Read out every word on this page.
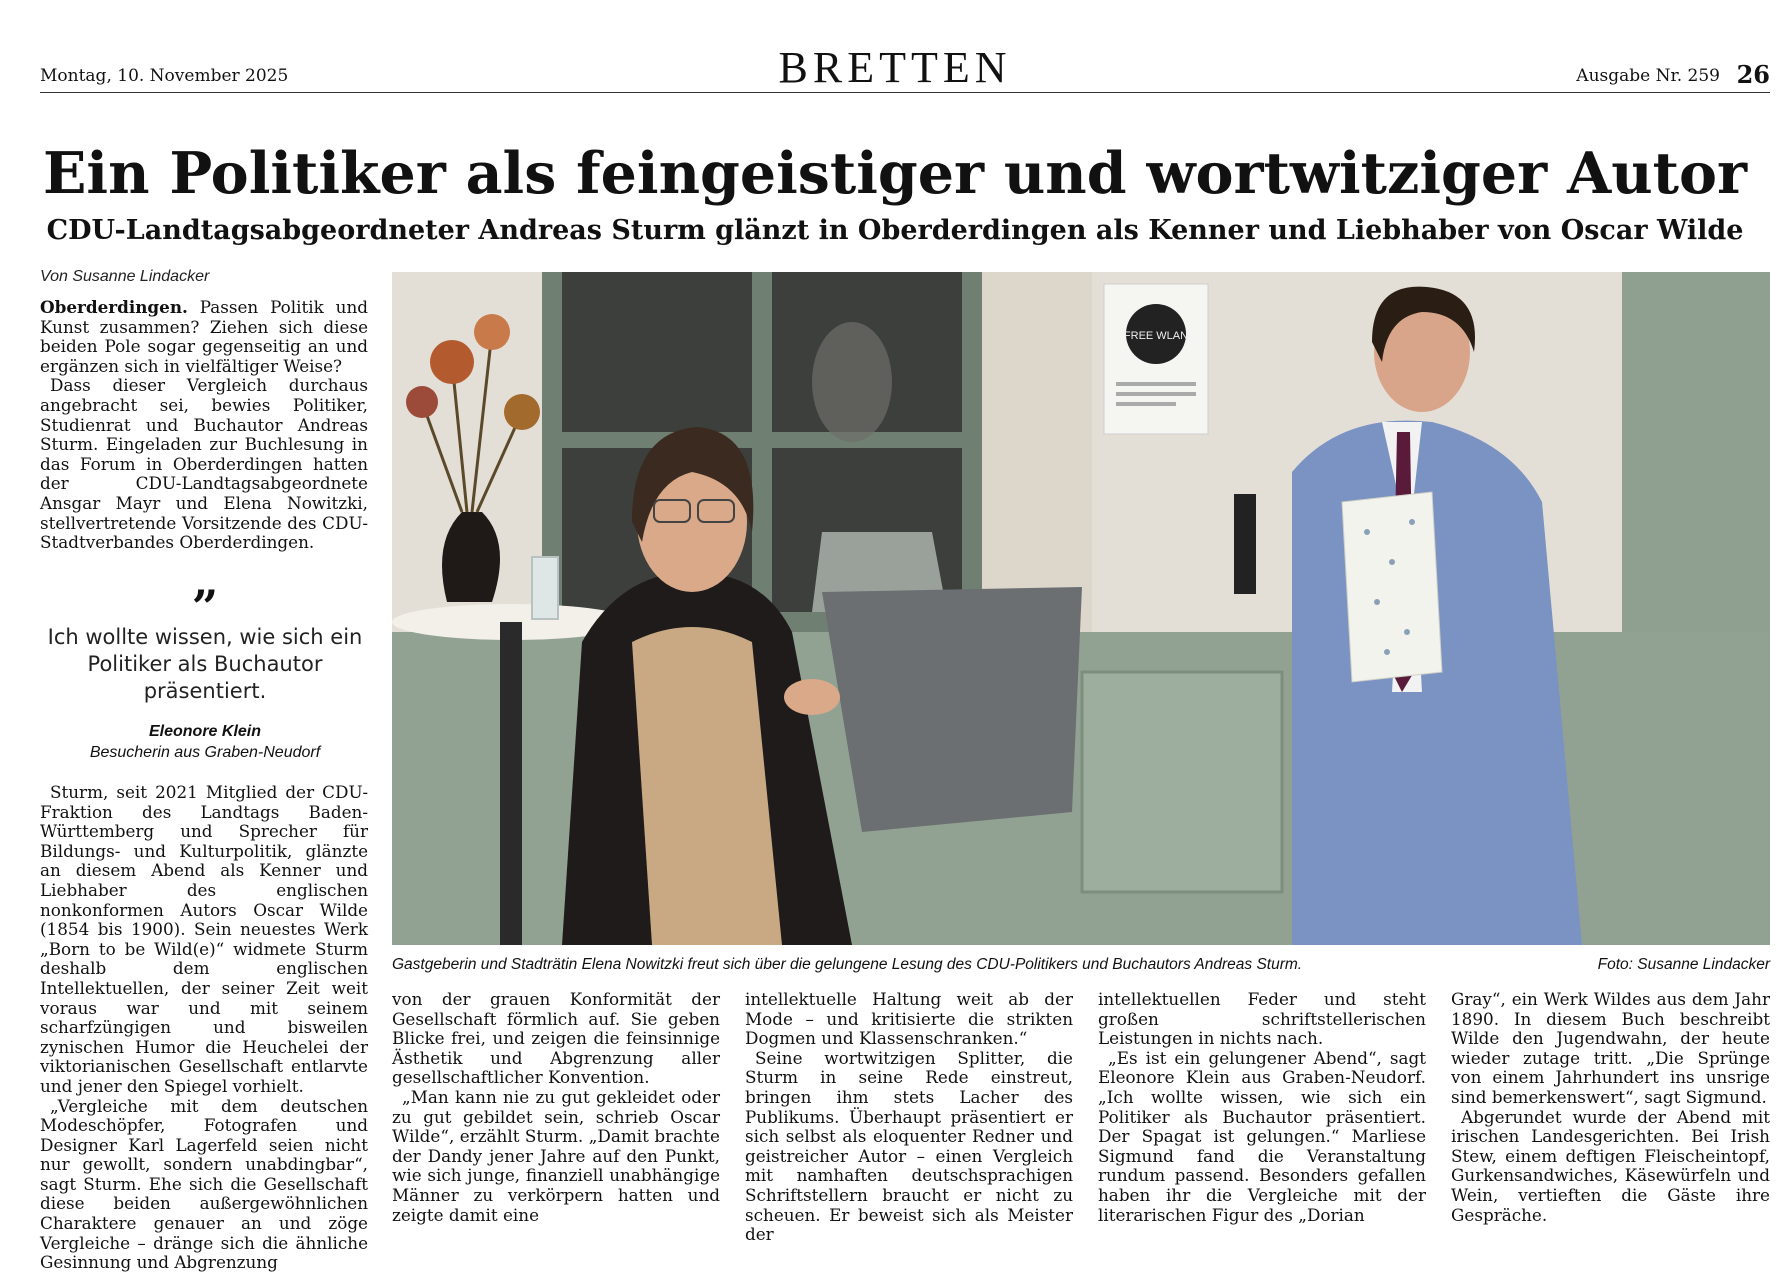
Montag, 10. November 2025	BRETTEN	Ausgabe Nr. 259 26
Ein Politiker als feingeistiger und wortwitziger Autor
CDU-Landtagsabgeordneter Andreas Sturm glänzt in Oberderdingen als Kenner und Liebhaber von Oscar Wilde
Von Susanne Lindacker

Oberderdingen. Passen Politik und Kunst zusammen? Ziehen sich diese beiden Pole sogar gegenseitig an und ergänzen sich in vielfältiger Weise?

Dass dieser Vergleich durchaus angebracht sei, bewies Politiker, Studienrat und Buchautor Andreas Sturm. Eingeladen zur Buchlesung in das Forum in Oberderdingen hatten der CDU-Landtagsabgeordnete Ansgar Mayr und Elena Nowitzki, stellvertretende Vorsitzende des CDU-Stadtverbandes Oberderdingen.

”
Ich wollte wissen, wie sich ein Politiker als Buchautor präsentiert.
Eleonore Klein
Besucherin aus Graben-Neudorf

Sturm, seit 2021 Mitglied der CDU-Fraktion des Landtags Baden-Württemberg und Sprecher für Bildungs- und Kulturpolitik, glänzte an diesem Abend als Kenner und Liebhaber des englischen nonkonformen Autors Oscar Wilde (1854 bis 1900). Sein neuestes Werk „Born to be Wild(e)“ widmete Sturm deshalb dem englischen Intellektuellen, der seiner Zeit weit voraus war und mit seinem scharfzüngigen und bisweilen zynischen Humor die Heuchelei der viktorianischen Gesellschaft entlarvte und jener den Spiegel vorhielt.

„Vergleiche mit dem deutschen Modeschöpfer, Fotografen und Designer Karl Lagerfeld seien nicht nur gewollt, sondern unabdingbar“, sagt Sturm. Ehe sich die Gesellschaft diese beiden außergewöhnlichen Charaktere genauer an und zöge Vergleiche – dränge sich die ähnliche Gesinnung und Abgrenzung

FREE WLAN
Gastgeberin und Stadträtin Elena Nowitzki freut sich über die gelungene Lesung des CDU-Politikers und Buchautors Andreas Sturm.	Foto: Susanne Lindacker

von der grauen Konformität der Gesellschaft förmlich auf. Sie geben Blicke frei, und zeigen die feinsinnige Ästhetik und Abgrenzung aller gesellschaftlicher Konvention.

„Man kann nie zu gut gekleidet oder zu gut gebildet sein, schrieb Oscar Wilde“, erzählt Sturm. „Damit brachte der Dandy jener Jahre auf den Punkt, wie sich junge, finanziell unabhängige Männer zu verkörpern hatten und zeigte damit eine

intellektuelle Haltung weit ab der Mode – und kritisierte die strikten Dogmen und Klassenschranken.“

Seine wortwitzigen Splitter, die Sturm in seine Rede einstreut, bringen ihm stets Lacher des Publikums. Überhaupt präsentiert er sich selbst als eloquenter Redner und geistreicher Autor – einen Vergleich mit namhaften deutschsprachigen Schriftstellern braucht er nicht zu scheuen. Er beweist sich als Meister der

intellektuellen Feder und steht großen schriftstellerischen Leistungen in nichts nach.

„Es ist ein gelungener Abend“, sagt Eleonore Klein aus Graben-Neudorf. „Ich wollte wissen, wie sich ein Politiker als Buchautor präsentiert. Der Spagat ist gelungen.“ Marliese Sigmund fand die Veranstaltung rundum passend. Besonders gefallen haben ihr die Vergleiche mit der literarischen Figur des „Dorian

Gray“, ein Werk Wildes aus dem Jahr 1890. In diesem Buch beschreibt Wilde den Jugendwahn, der heute wieder zutage tritt. „Die Sprünge von einem Jahrhundert ins unsrige sind bemerkenswert“, sagt Sigmund.

Abgerundet wurde der Abend mit irischen Landesgerichten. Bei Irish Stew, einem deftigen Fleischeintopf, Gurkensandwiches, Käsewürfeln und Wein, vertieften die Gäste ihre Gespräche.
